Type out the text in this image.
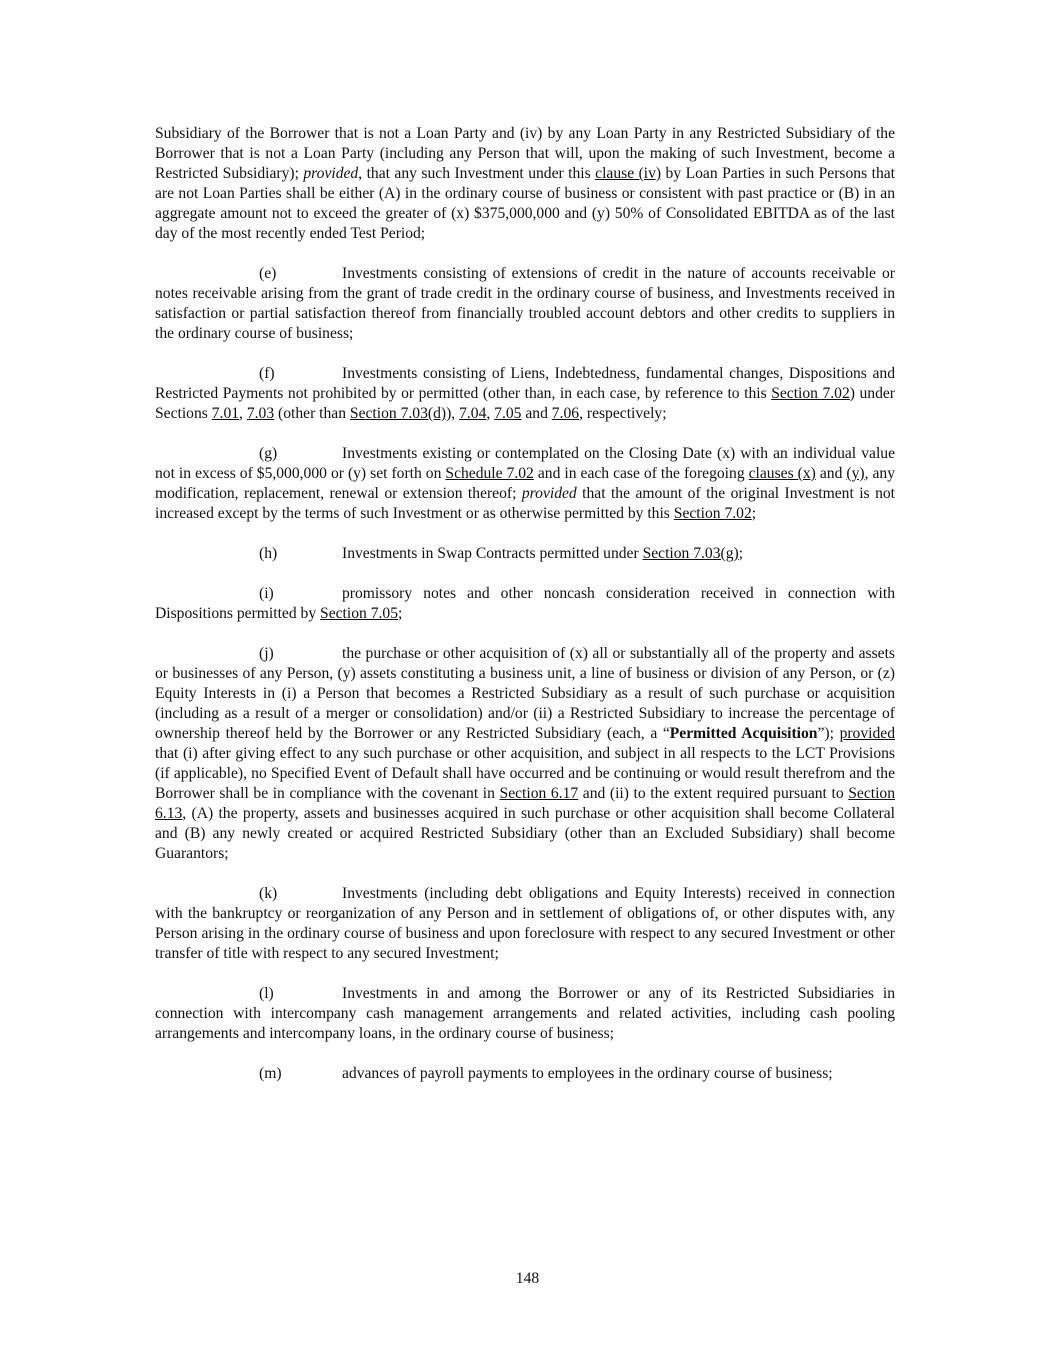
Subsidiary of the Borrower that is not a Loan Party and (iv) by any Loan Party in any Restricted Subsidiary of the Borrower that is not a Loan Party (including any Person that will, upon the making of such Investment, become a Restricted Subsidiary); provided, that any such Investment under this clause (iv) by Loan Parties in such Persons that are not Loan Parties shall be either (A) in the ordinary course of business or consistent with past practice or (B) in an aggregate amount not to exceed the greater of (x) $375,000,000 and (y) 50% of Consolidated EBITDA as of the last day of the most recently ended Test Period;

(e)	Investments consisting of extensions of credit in the nature of accounts receivable or notes receivable arising from the grant of trade credit in the ordinary course of business, and Investments received in satisfaction or partial satisfaction thereof from financially troubled account debtors and other credits to suppliers in the ordinary course of business;

(f)	Investments consisting of Liens, Indebtedness, fundamental changes, Dispositions and Restricted Payments not prohibited by or permitted (other than, in each case, by reference to this Section 7.02) under Sections 7.01, 7.03 (other than Section 7.03(d)), 7.04, 7.05 and 7.06, respectively;

(g)	Investments existing or contemplated on the Closing Date (x) with an individual value not in excess of $5,000,000 or (y) set forth on Schedule 7.02 and in each case of the foregoing clauses (x) and (y), any modification, replacement, renewal or extension thereof; provided that the amount of the original Investment is not increased except by the terms of such Investment or as otherwise permitted by this Section 7.02;

(h)	Investments in Swap Contracts permitted under Section 7.03(g);

(i)	promissory notes and other noncash consideration received in connection with Dispositions permitted by Section 7.05;

(j)	the purchase or other acquisition of (x) all or substantially all of the property and assets or businesses of any Person, (y) assets constituting a business unit, a line of business or division of any Person, or (z) Equity Interests in (i) a Person that becomes a Restricted Subsidiary as a result of such purchase or acquisition (including as a result of a merger or consolidation) and/or (ii) a Restricted Subsidiary to increase the percentage of ownership thereof held by the Borrower or any Restricted Subsidiary (each, a “Permitted Acquisition”); provided that (i) after giving effect to any such purchase or other acquisition, and subject in all respects to the LCT Provisions (if applicable), no Specified Event of Default shall have occurred and be continuing or would result therefrom and the Borrower shall be in compliance with the covenant in Section 6.17 and (ii) to the extent required pursuant to Section 6.13, (A) the property, assets and businesses acquired in such purchase or other acquisition shall become Collateral and (B) any newly created or acquired Restricted Subsidiary (other than an Excluded Subsidiary) shall become Guarantors;

(k)	Investments (including debt obligations and Equity Interests) received in connection with the bankruptcy or reorganization of any Person and in settlement of obligations of, or other disputes with, any Person arising in the ordinary course of business and upon foreclosure with respect to any secured Investment or other transfer of title with respect to any secured Investment;

(l)	Investments in and among the Borrower or any of its Restricted Subsidiaries in connection with intercompany cash management arrangements and related activities, including cash pooling arrangements and intercompany loans, in the ordinary course of business;

(m)	advances of payroll payments to employees in the ordinary course of business;

148
